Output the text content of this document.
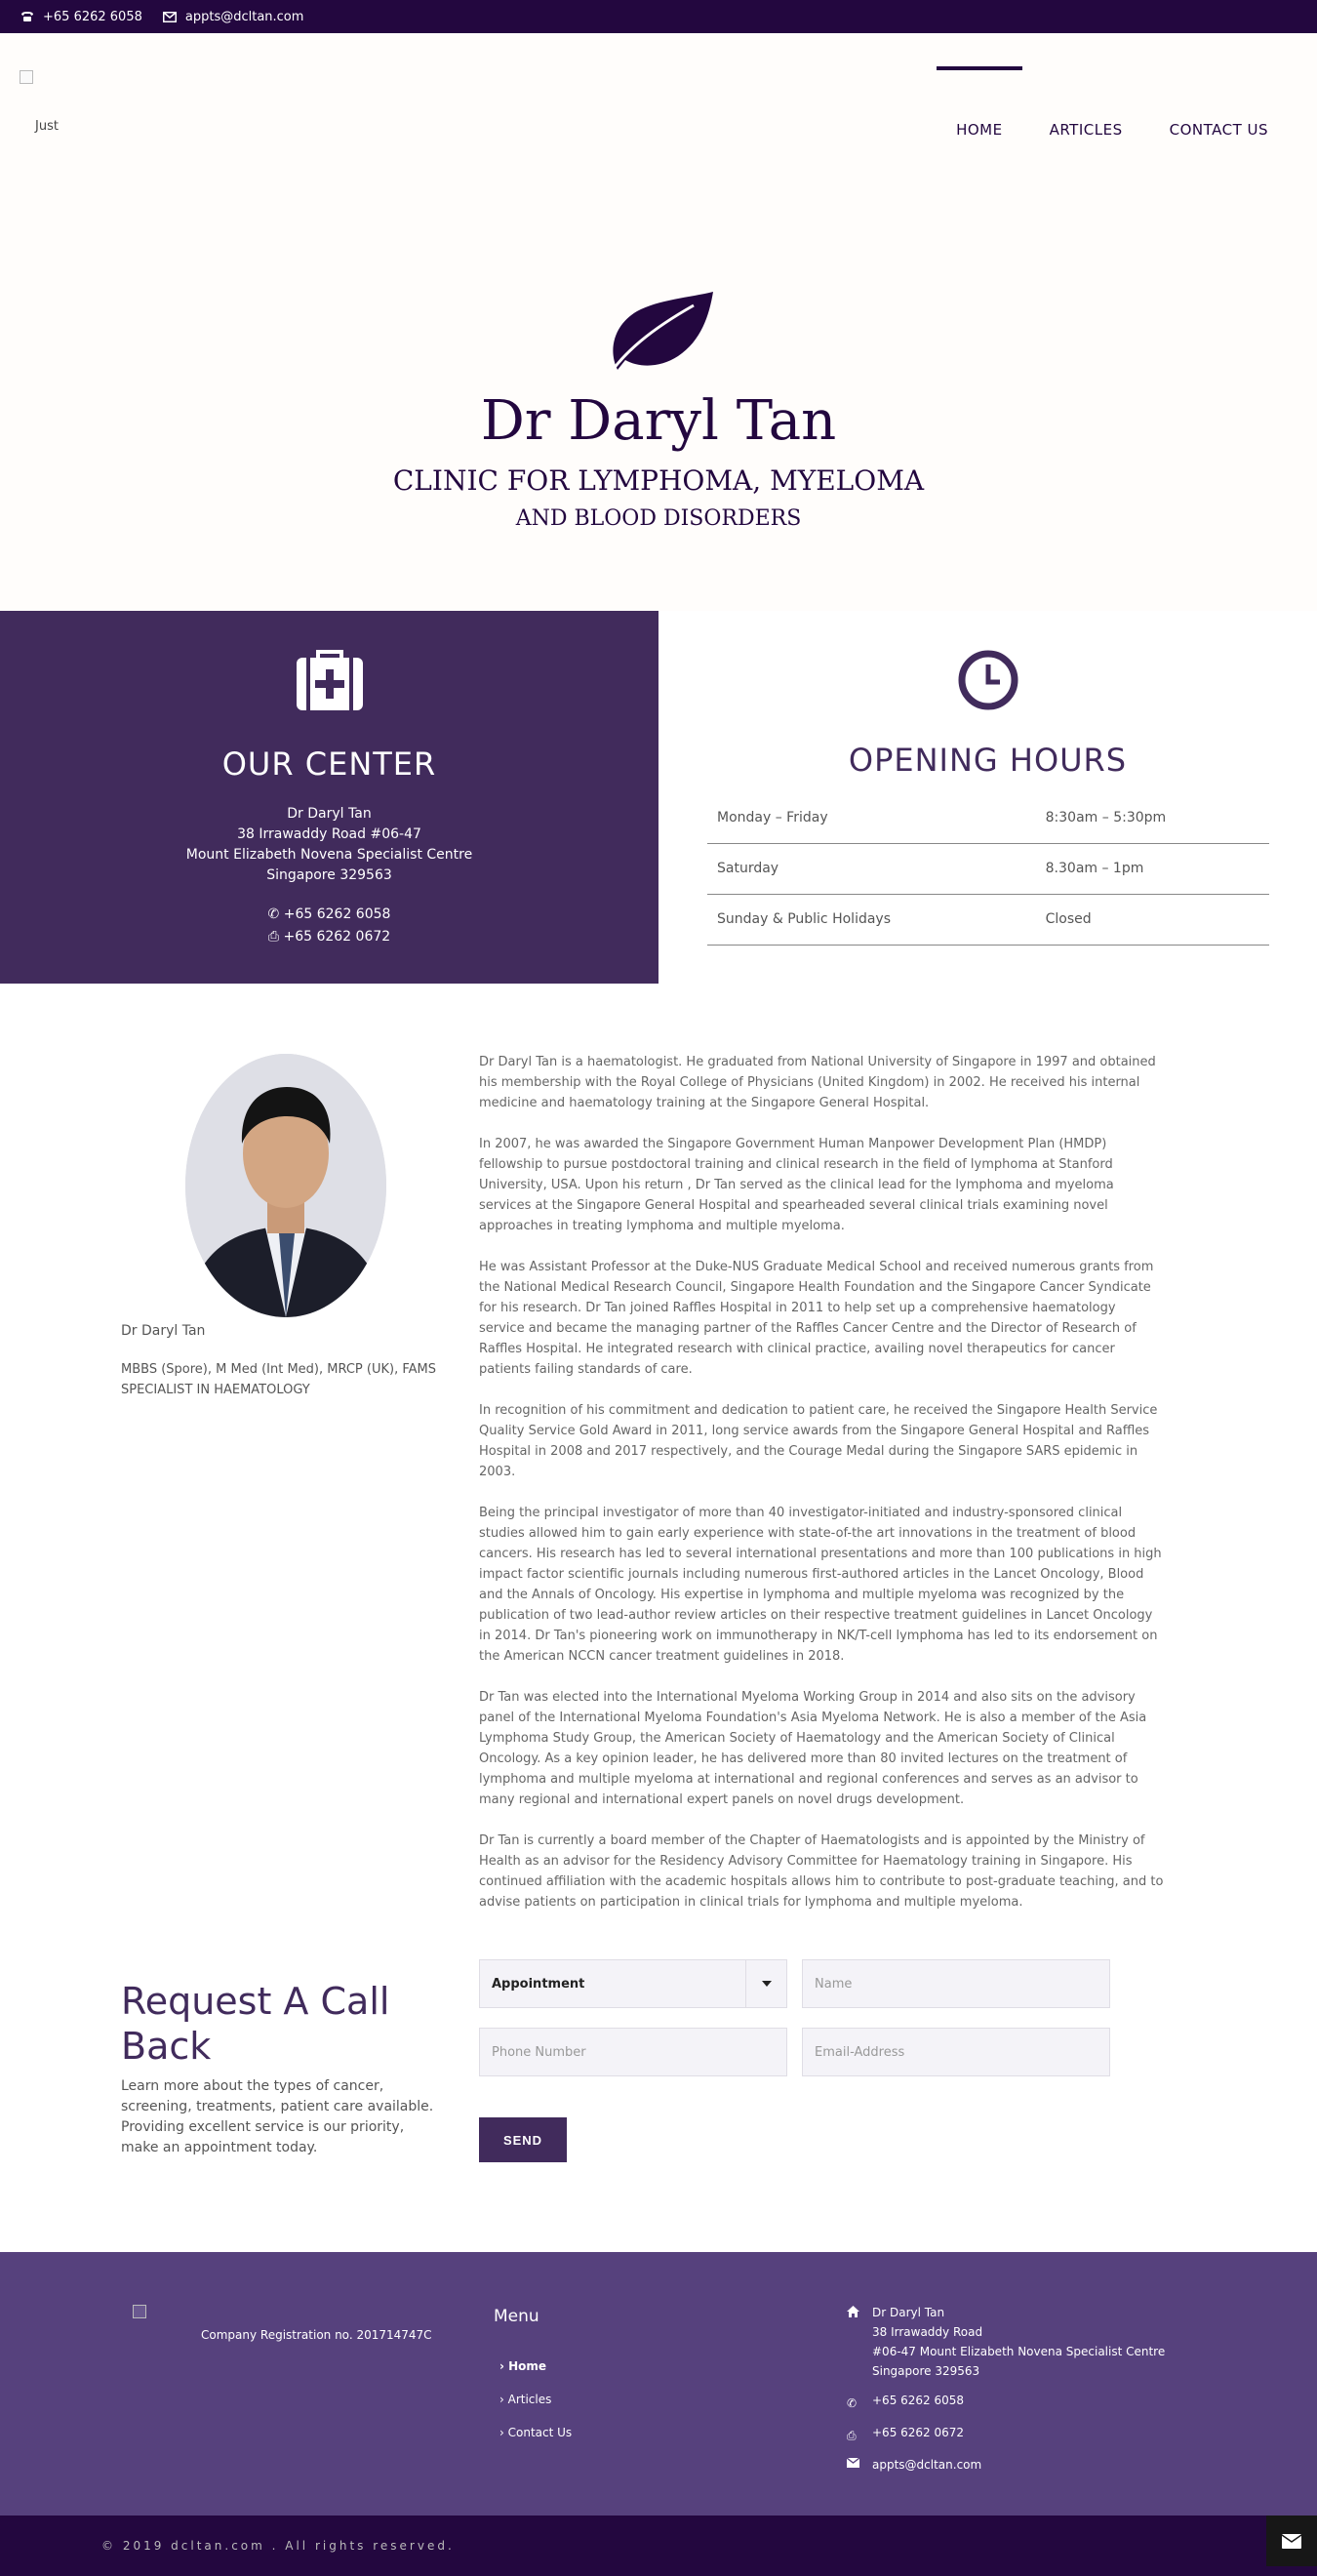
+65 6262 6058	appts@dcltan.com
Just	HOME	ARTICLES	CONTACT US
Dr Daryl Tan
CLINIC FOR LYMPHOMA, MYELOMA
AND BLOOD DISORDERS
OUR CENTER

Dr Daryl Tan

38 Irrawaddy Road #06-47

Mount Elizabeth Novena Specialist Centre

Singapore 329563

✆ +65 6262 6058
⎙ +65 6262 0672
OPENING HOURS
Monday – Friday	8:30am – 5:30pm
Saturday	8.30am – 1pm
Sunday & Public Holidays	Closed
Dr Daryl Tan
MBBS (Spore), M Med (Int Med), MRCP (UK), FAMS SPECIALIST IN HAEMATOLOGY

Dr Daryl Tan is a haematologist. He graduated from National University of Singapore in 1997 and obtained his membership with the Royal College of Physicians (United Kingdom) in 2002. He received his internal medicine and haematology training at the Singapore General Hospital.

In 2007, he was awarded the Singapore Government Human Manpower Development Plan (HMDP) fellowship to pursue postdoctoral training and clinical research in the field of lymphoma at Stanford University, USA. Upon his return , Dr Tan served as the clinical lead for the lymphoma and myeloma services at the Singapore General Hospital and spearheaded several clinical trials examining novel approaches in treating lymphoma and multiple myeloma.

He was Assistant Professor at the Duke-NUS Graduate Medical School and received numerous grants from the National Medical Research Council, Singapore Health Foundation and the Singapore Cancer Syndicate for his research. Dr Tan joined Raffles Hospital in 2011 to help set up a comprehensive haematology service and became the managing partner of the Raffles Cancer Centre and the Director of Research of Raffles Hospital. He integrated research with clinical practice, availing novel therapeutics for cancer patients failing standards of care.

In recognition of his commitment and dedication to patient care, he received the Singapore Health Service Quality Service Gold Award in 2011, long service awards from the Singapore General Hospital and Raffles Hospital in 2008 and 2017 respectively, and the Courage Medal during the Singapore SARS epidemic in 2003.

Being the principal investigator of more than 40 investigator-initiated and industry-sponsored clinical studies allowed him to gain early experience with state-of-the art innovations in the treatment of blood cancers. His research has led to several international presentations and more than 100 publications in high impact factor scientific journals including numerous first-authored articles in the Lancet Oncology, Blood and the Annals of Oncology. His expertise in lymphoma and multiple myeloma was recognized by the publication of two lead-author review articles on their respective treatment guidelines in Lancet Oncology in 2014. Dr Tan's pioneering work on immunotherapy in NK/T-cell lymphoma has led to its endorsement on the American NCCN cancer treatment guidelines in 2018.

Dr Tan was elected into the International Myeloma Working Group in 2014 and also sits on the advisory panel of the International Myeloma Foundation's Asia Myeloma Network. He is also a member of the Asia Lymphoma Study Group, the American Society of Haematology and the American Society of Clinical Oncology. As a key opinion leader, he has delivered more than 80 invited lectures on the treatment of lymphoma and multiple myeloma at international and regional conferences and serves as an advisor to many regional and international expert panels on novel drugs development.

Dr Tan is currently a board member of the Chapter of Haematologists and is appointed by the Ministry of Health as an advisor for the Residency Advisory Committee for Haematology training in Singapore. His continued affiliation with the academic hospitals allows him to contribute to post-graduate teaching, and to advise patients on participation in clinical trials for lymphoma and multiple myeloma.

Request A Call Back

Learn more about the types of cancer, screening, treatments, patient care available. Providing excellent service is our priority, make an appointment today.

Appointment	Name
Phone Number	Email-Address
SEND
Company Registration no. 201714747C
Menu
› Home
› Articles
› Contact Us
Dr Daryl Tan
38 Irrawaddy Road
#06-47 Mount Elizabeth Novena Specialist Centre
Singapore 329563
✆	+65 6262 6058
⎙	+65 6262 0672
appts@dcltan.com
© 2019 dcltan.com . All rights reserved.
